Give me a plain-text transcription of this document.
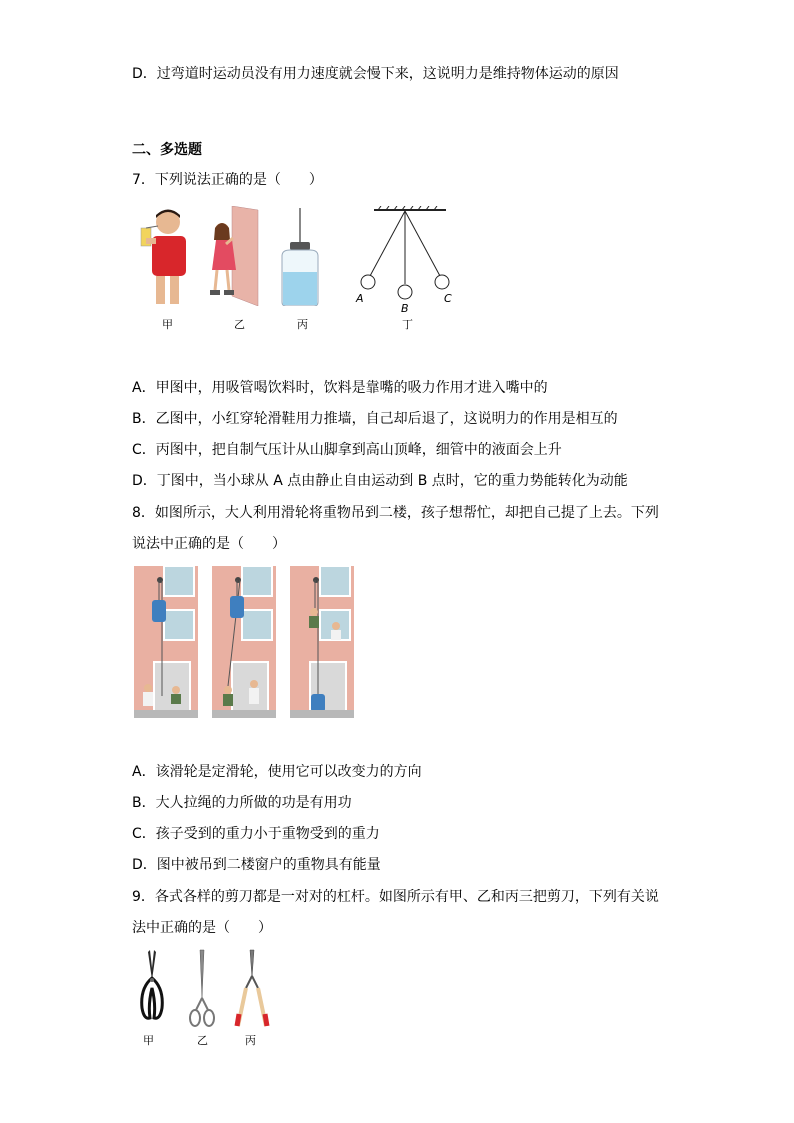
D．过弯道时运动员没有用力速度就会慢下来，这说明力是维持物体运动的原因
二、多选题
7．下列说法正确的是（　　）
A
B
C
甲	乙	丙	丁
A．甲图中，用吸管喝饮料时，饮料是靠嘴的吸力作用才进入嘴中的
B．乙图中，小红穿轮滑鞋用力推墙，自己却后退了，这说明力的作用是相互的
C．丙图中，把自制气压计从山脚拿到高山顶峰，细管中的液面会上升
D．丁图中，当小球从 A 点由静止自由运动到 B 点时，它的重力势能转化为动能
8．如图所示，大人利用滑轮将重物吊到二楼，孩子想帮忙，却把自己提了上去。下列
说法中正确的是（　　）
A．该滑轮是定滑轮，使用它可以改变力的方向
B．大人拉绳的力所做的功是有用功
C．孩子受到的重力小于重物受到的重力
D．图中被吊到二楼窗户的重物具有能量
9．各式各样的剪刀都是一对对的杠杆。如图所示有甲、乙和丙三把剪刀，下列有关说
法中正确的是（　　）
甲	乙	丙
